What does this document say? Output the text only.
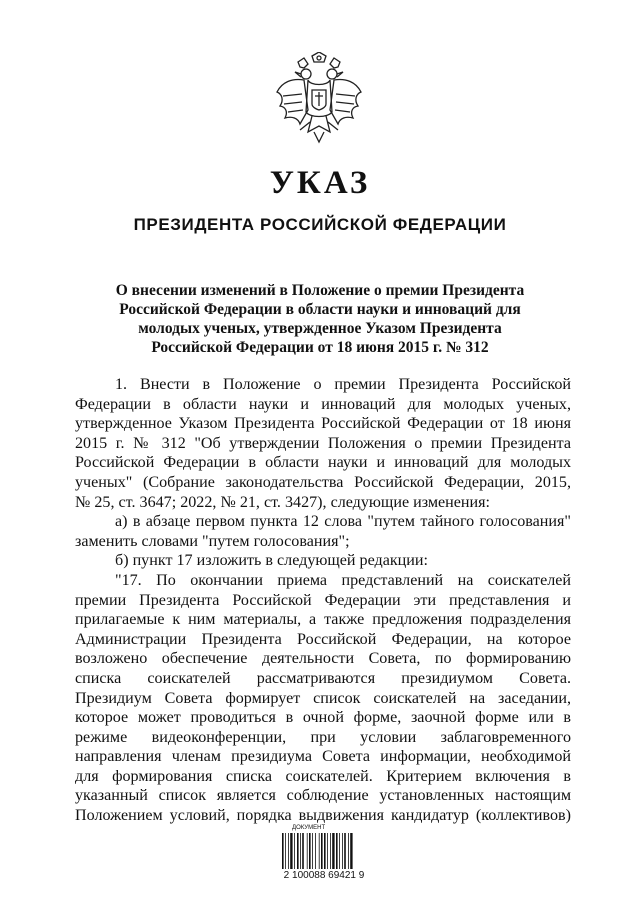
УКАЗ
ПРЕЗИДЕНТА РОССИЙСКОЙ ФЕДЕРАЦИИ
О внесении изменений в Положение о премии Президента
Российской Федерации в области науки и инноваций для
молодых ученых, утвержденное Указом Президента
Российской Федерации от 18 июня 2015 г. № 312
1. Внести в Положение о премии Президента Российской
Федерации в области науки и инноваций для молодых ученых,
утвержденное Указом Президента Российской Федерации от 18 июня
2015 г. № 312 "Об утверждении Положения о премии Президента
Российской Федерации в области науки и инноваций для молодых
ученых" (Собрание законодательства Российской Федерации, 2015,
№ 25, ст. 3647; 2022, № 21, ст. 3427), следующие изменения:
а) в абзаце первом пункта 12 слова "путем тайного голосования"
заменить словами "путем голосования";
б) пункт 17 изложить в следующей редакции:
"17. По окончании приема представлений на соискателей
премии Президента Российской Федерации эти представления и
прилагаемые к ним материалы, а также предложения подразделения
Администрации Президента Российской Федерации, на которое
возложено обеспечение деятельности Совета, по формированию
списка соискателей рассматриваются президиумом Совета.
Президиум Совета формирует список соискателей на заседании,
которое может проводиться в очной форме, заочной форме или в
режиме видеоконференции, при условии заблаговременного
направления членам президиума Совета информации, необходимой
для формирования списка соискателей. Критерием включения в
указанный список является соблюдение установленных настоящим
Положением условий, порядка выдвижения кандидатур (коллективов)
ДОКУМЕНТ
2 100088 69421 9
